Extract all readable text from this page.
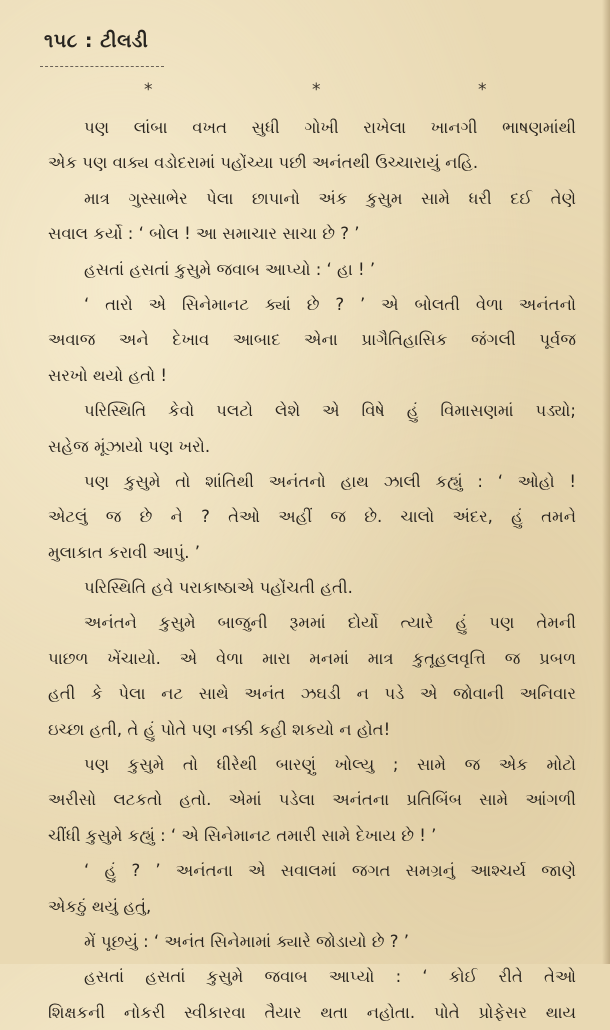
૧૫૮ : ટીલડી
*	*	*
પણ લાંબા વખત સુધી ગોખી રાખેલા ખાનગી ભાષણમાંથી
એક પણ વાક્ય વડોદરામાં પહોંચ્યા પછી અનંતથી ઉચ્ચારાયું નહિ.
માત્ર ગુસ્સાભેર પેલા છાપાનો અંક કુસુમ સામે ધરી દઈ તેણે
સવાલ કર્યો : ‘ બોલ ! આ સમાચાર સાચા છે ? ’
હસતાં હસતાં કુસુમે જવાબ આપ્યો : ‘ હા ! ’
‘ તારો એ સિનેમાનટ ક્યાં છે ? ’ એ બોલતી વેળા અનંતનો
અવાજ અને દેખાવ આબાદ એના પ્રાગૈતિહાસિક જંગલી પૂર્વજ
સરખો થયો હતો !
પરિસ્થિતિ કેવો પલટો લેશે એ વિષે હું વિમાસણમાં પડ્યો;
સહેજ મૂંઝાયો પણ ખરો.
પણ કુસુમે તો શાંતિથી અનંતનો હાથ ઝાલી કહ્યું : ‘ ઓહો !
એટલું જ છે ને ? તેઓ અહીં જ છે. ચાલો અંદર, હું તમને
મુલાકાત કરાવી આપું. ’
પરિસ્થિતિ હવે પરાકાષ્ઠાએ પહોંચતી હતી.
અનંતને કુસુમે બાજુની રૂમમાં દોર્યો ત્યારે હું પણ તેમની
પાછળ ખેંચાયો. એ વેળા મારા મનમાં માત્ર કુતૂહલવૃત્તિ જ પ્રબળ
હતી કે પેલા નટ સાથે અનંત ઝઘડી ન પડે એ જોવાની અનિવાર
ઇચ્છા હતી, તે હું પોતે પણ નક્કી કહી શકયો ન હોત!
પણ કુસુમે તો ધીરેથી બારણું ખોલ્યુ ; સામે જ એક મોટો
અરીસો લટકતો હતો. એમાં પડેલા અનંતના પ્રતિબિંબ સામે આંગળી
ચીંધી કુસુમે કહ્યું : ‘ એ સિનેમાનટ તમારી સામે દેખાય છે ! ’
‘ હું ? ’ અનંતના એ સવાલમાં જગત સમગ્રનું આશ્ચર્ય જાણે
એકઠું થયું હતું,
મેં પૂછયું : ‘ અનંત સિનેમામાં ક્યારે જોડાયો છે ? ’
હસતાં હસતાં કુસુમે જવાબ આપ્યો : ‘ કોઈ રીતે તેઓ
શિક્ષકની નોકરી સ્વીકારવા તૈયાર થતા નહોતા. પોતે પ્રોફેસર થાય
